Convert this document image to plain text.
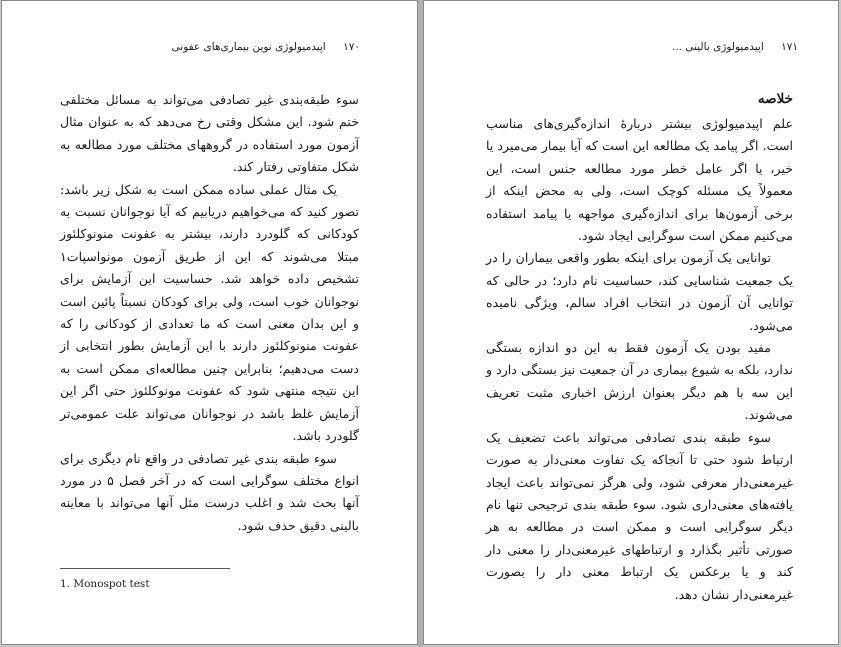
۱۷۰ اپیدمیولوژی نوین بیماری‌های عفونی

سوء طبقه‌بندی غیر تصادفی می‌تواند به مسائل مختلفی ختم شود. این مشکل وقتی رخ می‌دهد که به عنوان مثال آزمون مورد استفاده در گروههای مختلف مورد مطالعه به شکل متفاوتی رفتار کند.

یک مثال عملی ساده ممکن است به شکل زیر باشد: تصور کنید که می‌خواهیم دریابیم که آیا نوجوانان نسبت به کودکانی که گلودرد دارند، بیشتر به عفونت منونوکلئوز مبتلا می‌شوند که این از طریق آزمون مونواسپات۱ تشخیص داده خواهد شد. حساسیت این آزمایش برای نوجوانان خوب است، ولی برای کودکان نسبتاً پائین است و این بدان معنی است که ما تعدادی از کودکانی را که عفونت منونوکلئوز دارند با این آزمایش بطور انتخابی از دست می‌دهیم؛ بنابراین چنین مطالعه‌ای ممکن است به این نتیجه منتهی شود که عفونت مونوکلئوز حتی اگر این آزمایش غلط باشد در نوجوانان می‌تواند علت عمومی‌تر گلودرد باشد.

سوء طبقه بندی غیر تصادفی در واقع نام دیگری برای انواع مختلف سوگرایی است که در آخر فصل ۵ در مورد آنها بحث شد و اغلب درست مثل آنها می‌تواند با معاینه بالینی دقیق حذف شود.

1. Monospot test
۱۷۱ اپیدمیولوژی بالینی ...
خلاصه

علم اپیدمیولوژی بیشتر دربارهٔ اندازه‌گیری‌های مناسب است. اگر پیامد یک مطالعه این است که آیا بیمار می‌میرد یا خیر، یا اگر عامل خطر مورد مطالعه جنس است، این معمولاً یک مسئله کوچک است، ولی به محض اینکه از برخی آزمون‌ها برای اندازه‌گیری مواجهه یا پیامد استفاده می‌کنیم ممکن است سوگرایی ایجاد شود.

توانایی یک آزمون برای اینکه بطور واقعی بیماران را در یک جمعیت شناسایی کند، حساسیت نام دارد؛ در حالی که توانایی آن آزمون در انتخاب افراد سالم، ویژگی نامیده می‌شود.

مفید بودن یک آزمون فقط به این دو اندازه بستگی ندارد، بلکه به شیوع بیماری در آن جمعیت نیز بستگی دارد و این سه با هم دیگر بعنوان ارزش اخباری مثبت تعریف می‌شوند.

سوء طبقه بندی تصادفی می‌تواند باعث تضعیف یک ارتباط شود حتی تا آنجاکه یک تفاوت معنی‌دار به صورت غیرمعنی‌دار معرفی شود، ولی هرگز نمی‌تواند باعث ایجاد یافته‌های معنی‌داری شود. سوء طبقه بندی ترجیحی تنها نام دیگر سوگرایی است و ممکن است در مطالعه به هر صورتی تأثیر بگذارد و ارتباطهای غیرمعنی‌دار را معنی دار کند و یا برعکس یک ارتباط معنی دار را بصورت غیرمعنی‌دار نشان دهد.
